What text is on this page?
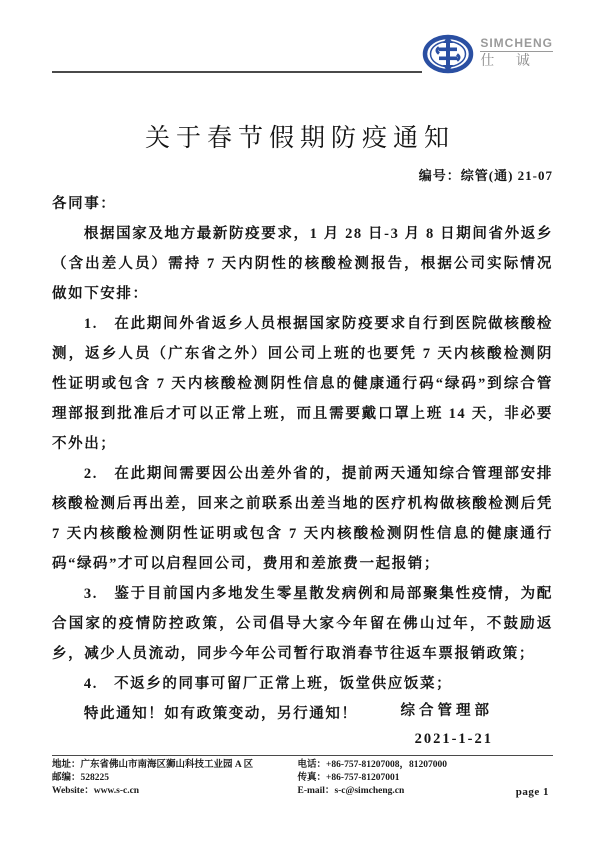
SIMCHENG
仕 诚
关于春节假期防疫通知
编号：综管(通) 21-07
各同事：
根据国家及地方最新防疫要求，1 月 28 日-3 月 8 日期间省外返乡（含出差人员）需持 7 天内阴性的核酸检测报告，根据公司实际情况做如下安排：
1.　在此期间外省返乡人员根据国家防疫要求自行到医院做核酸检测，返乡人员（广东省之外）回公司上班的也要凭 7 天内核酸检测阴性证明或包含 7 天内核酸检测阴性信息的健康通行码“绿码”到综合管理部报到批准后才可以正常上班，而且需要戴口罩上班 14 天，非必要不外出；
2.　在此期间需要因公出差外省的，提前两天通知综合管理部安排核酸检测后再出差，回来之前联系出差当地的医疗机构做核酸检测后凭 7 天内核酸检测阴性证明或包含 7 天内核酸检测阴性信息的健康通行码“绿码”才可以启程回公司，费用和差旅费一起报销；
3.　鉴于目前国内多地发生零星散发病例和局部聚集性疫情，为配合国家的疫情防控政策，公司倡导大家今年留在佛山过年，不鼓励返乡，减少人员流动，同步今年公司暂行取消春节往返车票报销政策；
4.　不返乡的同事可留厂正常上班，饭堂供应饭菜；
特此通知！如有政策变动，另行通知！	综合管理部
2021-1-21
地址：广东省佛山市南海区狮山科技工业园 A 区
邮编：528225
Website：www.s-c.cn
电话：+86-757-81207008，81207000
传真：+86-757-81207001
E-mail：s-c@simcheng.cn	page 1
